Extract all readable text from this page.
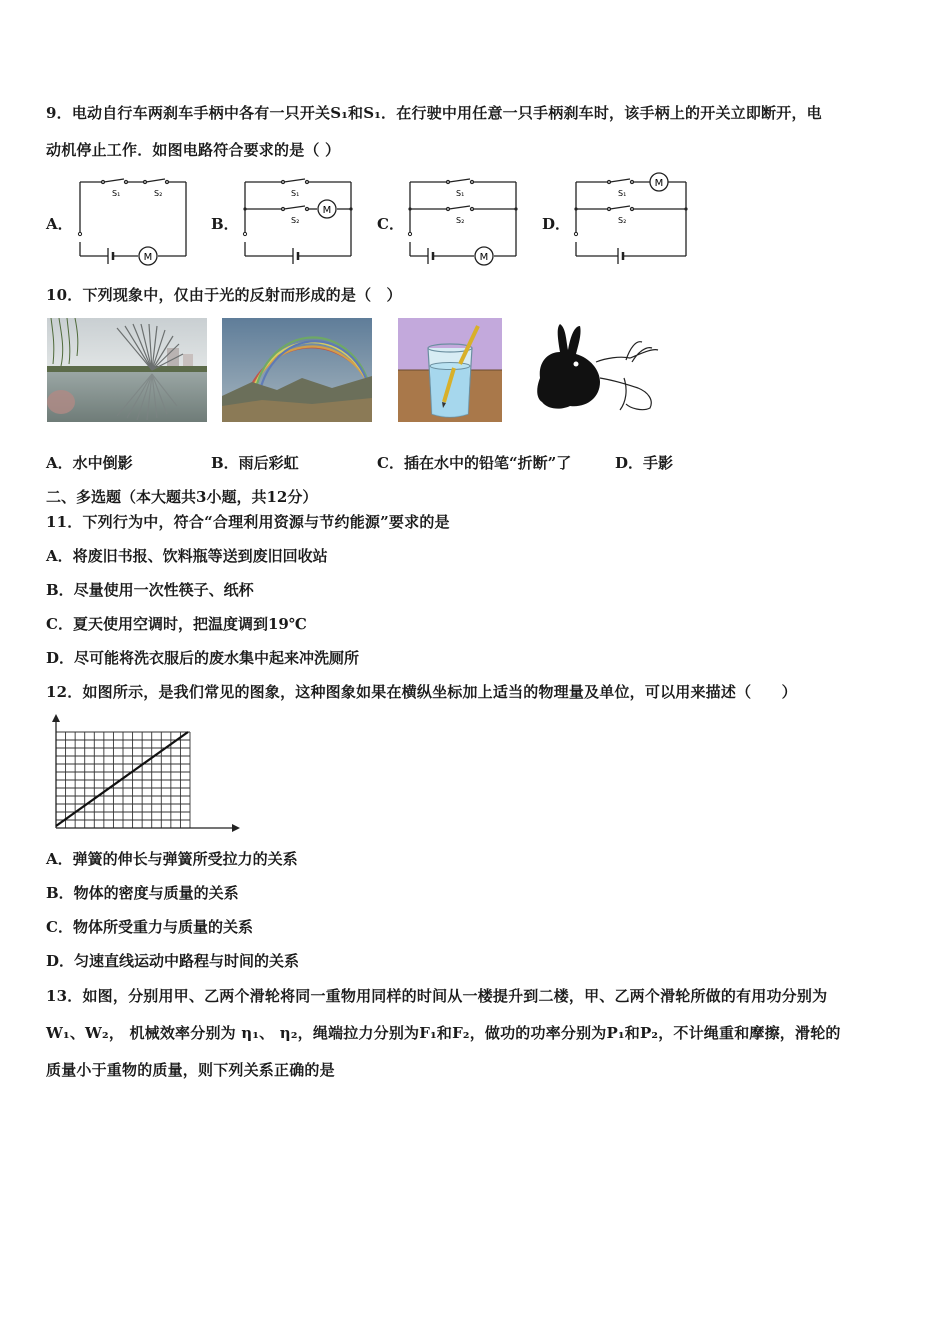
9．电动自行车两刹车手柄中各有一只开关S₁和S₁．在行驶中用任意一只手柄刹车时，该手柄上的开关立即断开，电
动机停止工作．如图电路符合要求的是（ ）
A．	B．	C．	D．
M
S₁	S₂
M
S₁
S₂
M
S₁
S₂
M
S₁
S₂
10．下列现象中，仅由于光的反射而形成的是（　）
A．水中倒影	B．雨后彩虹	C．插在水中的铅笔“折断”了	D．手影
二、多选题（本大题共3小题，共12分）
11．下列行为中，符合“合理利用资源与节约能源”要求的是
A．将废旧书报、饮料瓶等送到废旧回收站
B．尽量使用一次性筷子、纸杯
C．夏天使用空调时，把温度调到19℃
D．尽可能将洗衣服后的废水集中起来冲洗厕所
12．如图所示，是我们常见的图象，这种图象如果在横纵坐标加上适当的物理量及单位，可以用来描述（　　）
A．弹簧的伸长与弹簧所受拉力的关系
B．物体的密度与质量的关系
C．物体所受重力与质量的关系
D．匀速直线运动中路程与时间的关系
13．如图，分别用甲、乙两个滑轮将同一重物用同样的时间从一楼提升到二楼，甲、乙两个滑轮所做的有用功分别为
W₁、W₂， 机械效率分别为 η₁、 η₂，绳端拉力分别为F₁和F₂，做功的功率分别为P₁和P₂，不计绳重和摩擦，滑轮的
质量小于重物的质量，则下列关系正确的是
